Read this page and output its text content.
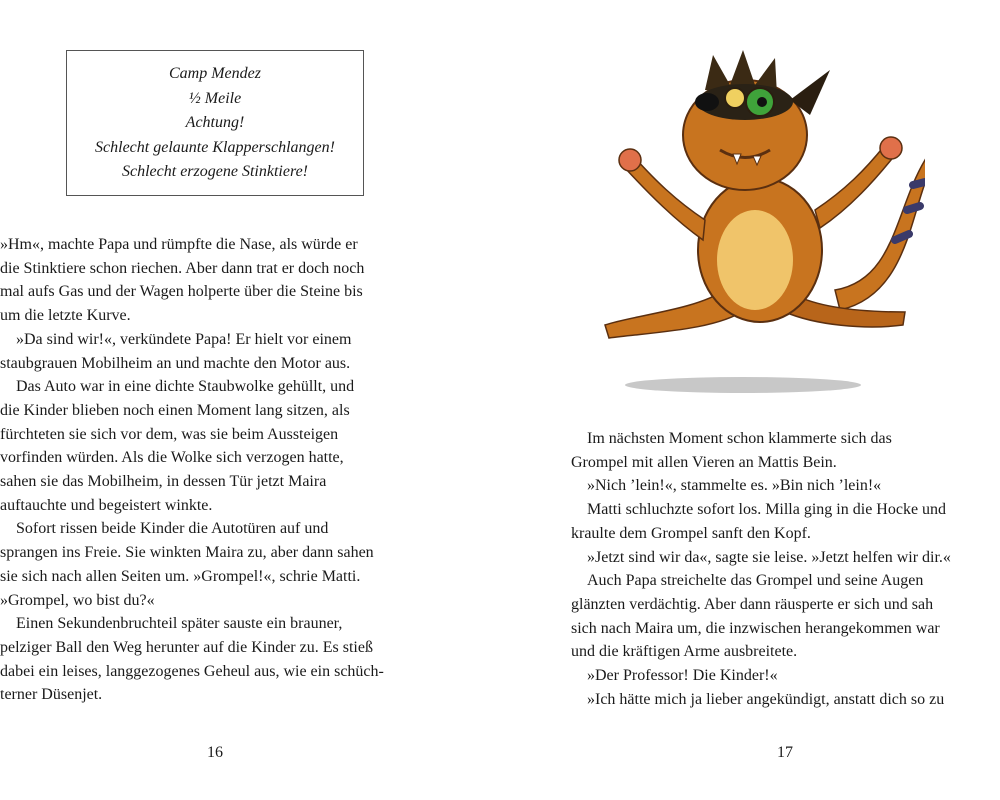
Camp Mendez
½ Meile
Achtung!
Schlecht gelaunte Klapperschlangen!
Schlecht erzogene Stinktiere!

»Hm«, machte Papa und rümpfte die Nase, als würde er

die Stinktiere schon riechen. Aber dann trat er doch noch

mal aufs Gas und der Wagen holperte über die Steine bis

um die letzte Kurve.

»Da sind wir!«, verkündete Papa! Er hielt vor einem

staubgrauen Mobilheim an und machte den Motor aus.

Das Auto war in eine dichte Staubwolke gehüllt, und

die Kinder blieben noch einen Moment lang sitzen, als

fürchteten sie sich vor dem, was sie beim Aussteigen

vorfinden würden. Als die Wolke sich verzogen hatte,

sahen sie das Mobilheim, in dessen Tür jetzt Maira

auftauchte und begeistert winkte.

Sofort rissen beide Kinder die Autotüren auf und

sprangen ins Freie. Sie winkten Maira zu, aber dann sahen

sie sich nach allen Seiten um. »Grompel!«, schrie Matti.

»Grompel, wo bist du?«

Einen Sekundenbruchteil später sauste ein brauner,

pelziger Ball den Weg herunter auf die Kinder zu. Es stieß

dabei ein leises, langgezogenes Geheul aus, wie ein schüch-

terner Düsenjet.

16

Im nächsten Moment schon klammerte sich das

Grompel mit allen Vieren an Mattis Bein.

»Nich ’lein!«, stammelte es. »Bin nich ’lein!«

Matti schluchzte sofort los. Milla ging in die Hocke und

kraulte dem Grompel sanft den Kopf.

»Jetzt sind wir da«, sagte sie leise. »Jetzt helfen wir dir.«

Auch Papa streichelte das Grompel und seine Augen

glänzten verdächtig. Aber dann räusperte er sich und sah

sich nach Maira um, die inzwischen herangekommen war

und die kräftigen Arme ausbreitete.

»Der Professor! Die Kinder!«

»Ich hätte mich ja lieber angekündigt, anstatt dich so zu

17
